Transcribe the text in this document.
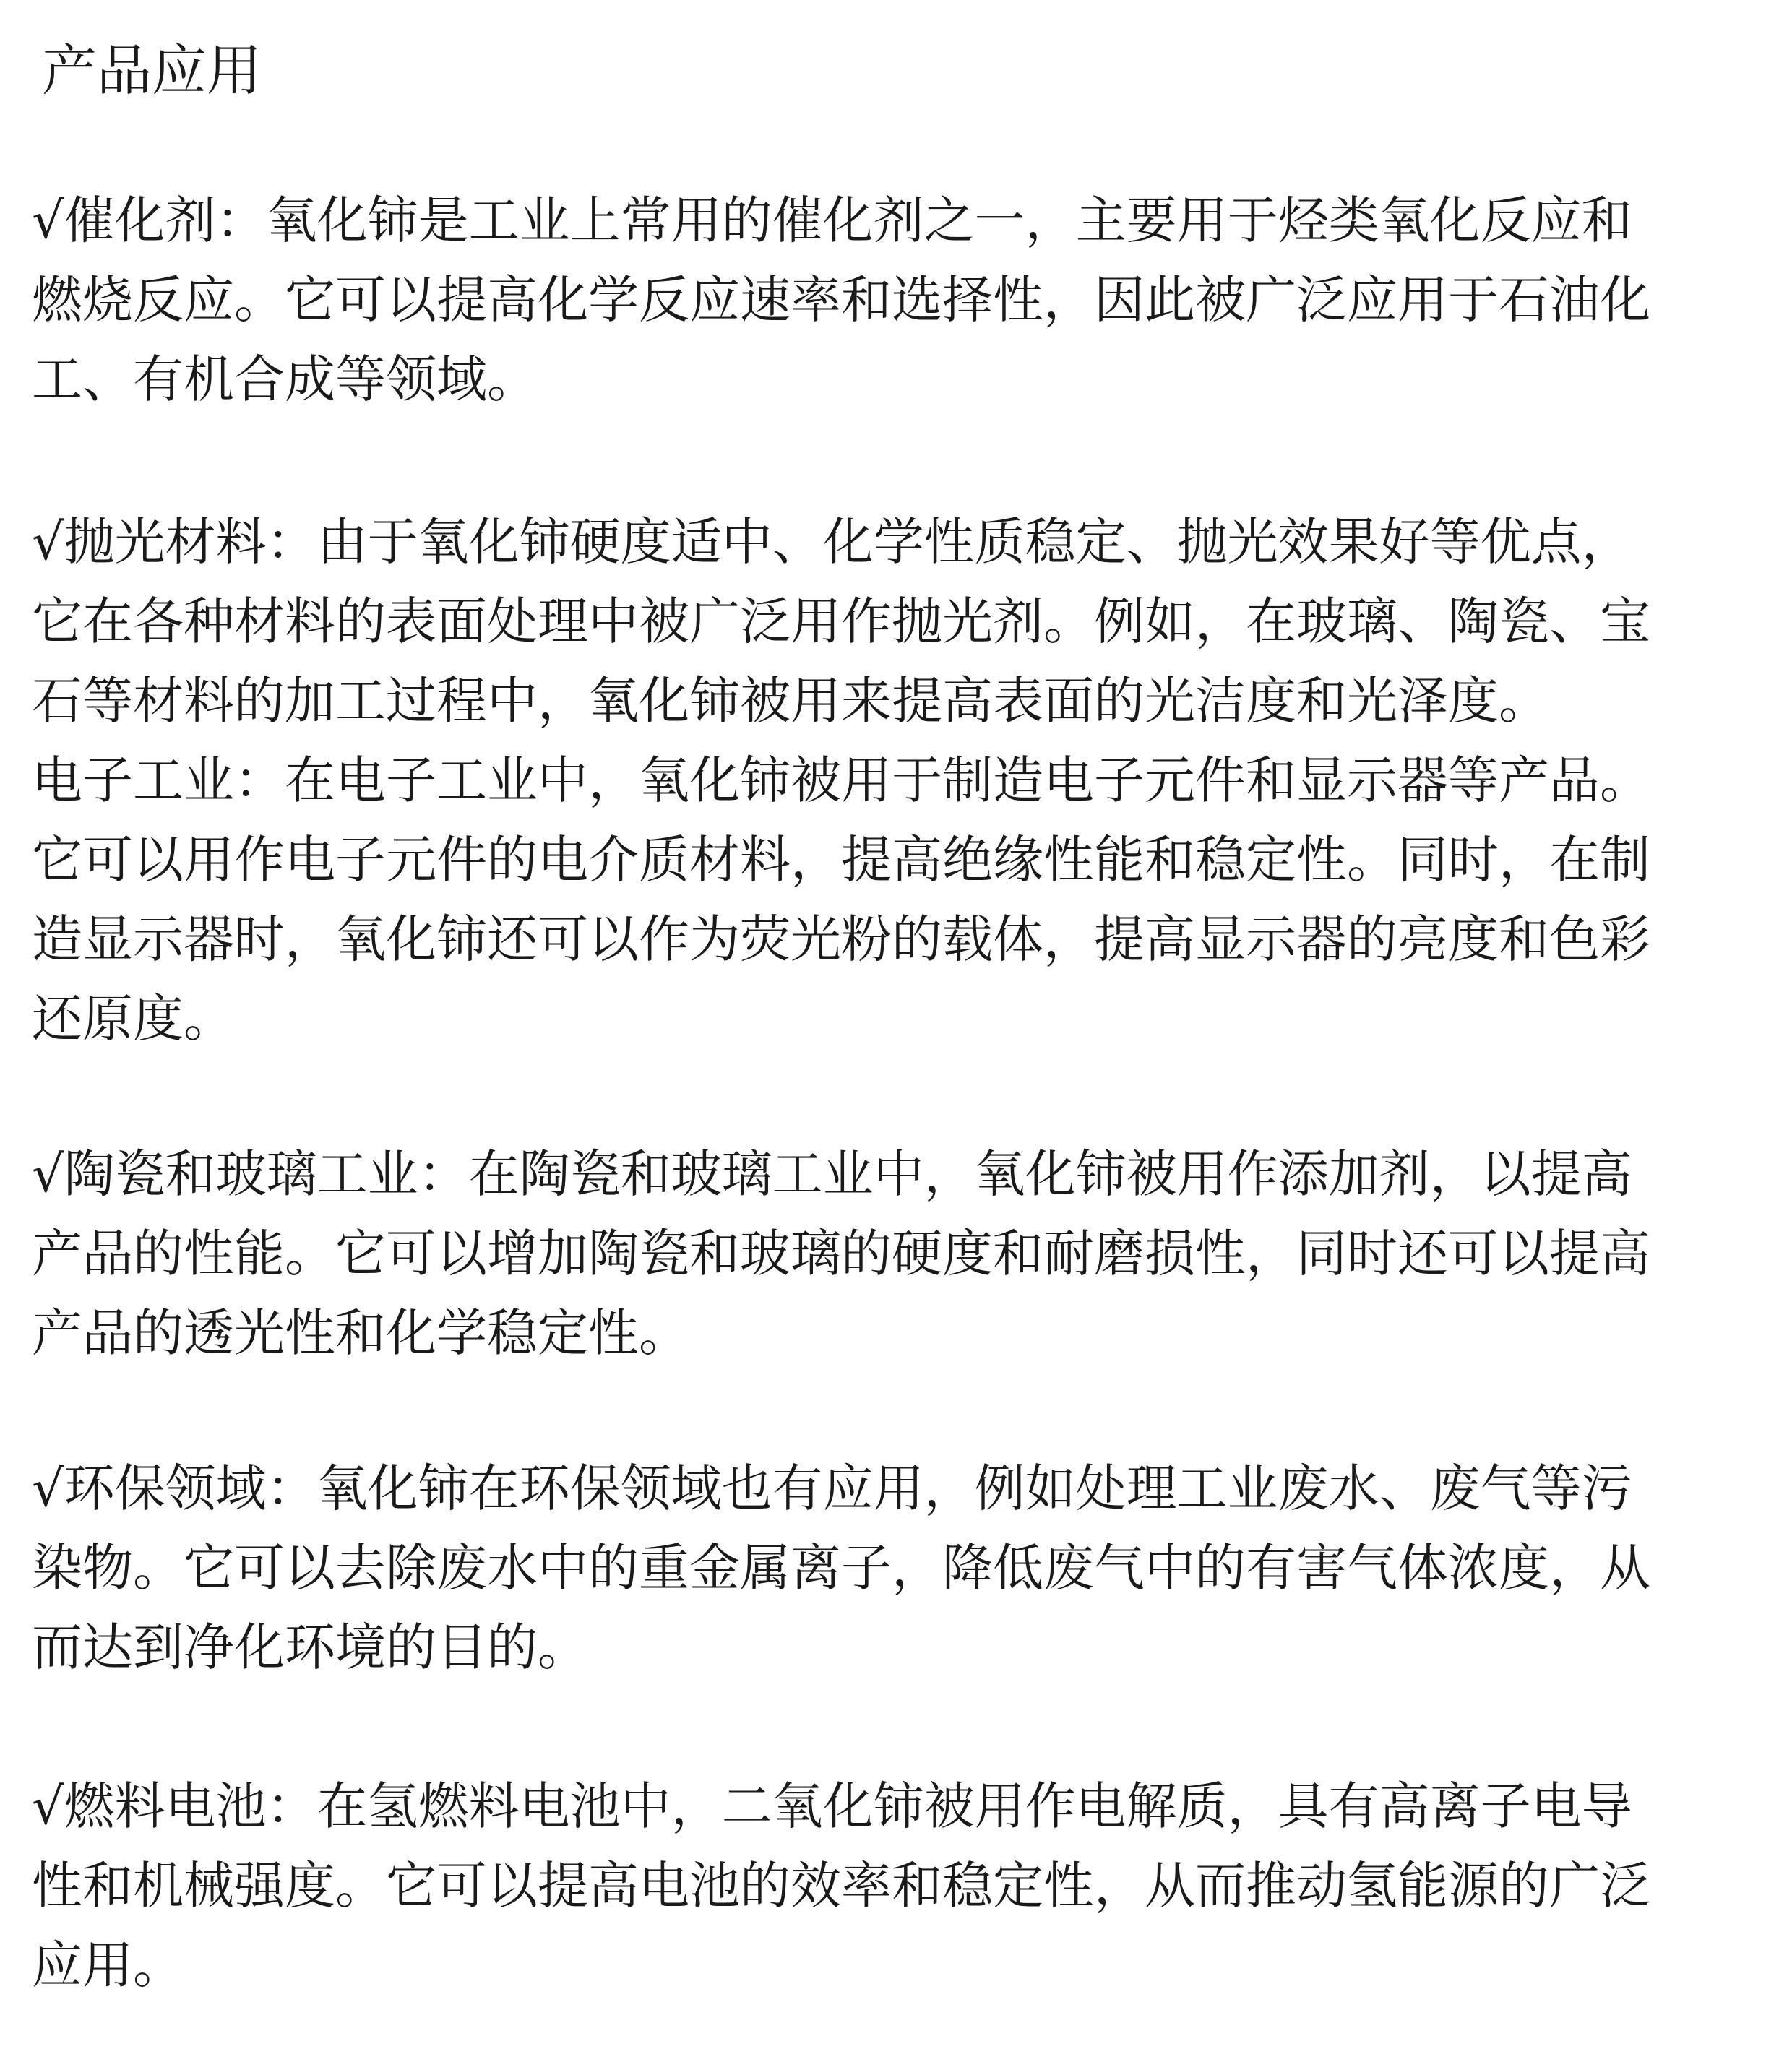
产品应用

√催化剂：氧化铈是工业上常用的催化剂之一，主要用于烃类氧化反应和
燃烧反应。它可以提高化学反应速率和选择性，因此被广泛应用于石油化
工、有机合成等领域。

√抛光材料：由于氧化铈硬度适中、化学性质稳定、抛光效果好等优点，
它在各种材料的表面处理中被广泛用作抛光剂。例如，在玻璃、陶瓷、宝
石等材料的加工过程中，氧化铈被用来提高表面的光洁度和光泽度。
电子工业：在电子工业中，氧化铈被用于制造电子元件和显示器等产品。
它可以用作电子元件的电介质材料，提高绝缘性能和稳定性。同时，在制
造显示器时，氧化铈还可以作为荧光粉的载体，提高显示器的亮度和色彩
还原度。

√陶瓷和玻璃工业：在陶瓷和玻璃工业中，氧化铈被用作添加剂，以提高
产品的性能。它可以增加陶瓷和玻璃的硬度和耐磨损性，同时还可以提高
产品的透光性和化学稳定性。

√环保领域：氧化铈在环保领域也有应用，例如处理工业废水、废气等污
染物。它可以去除废水中的重金属离子，降低废气中的有害气体浓度，从
而达到净化环境的目的。

√燃料电池：在氢燃料电池中，二氧化铈被用作电解质，具有高离子电导
性和机械强度。它可以提高电池的效率和稳定性，从而推动氢能源的广泛
应用。
